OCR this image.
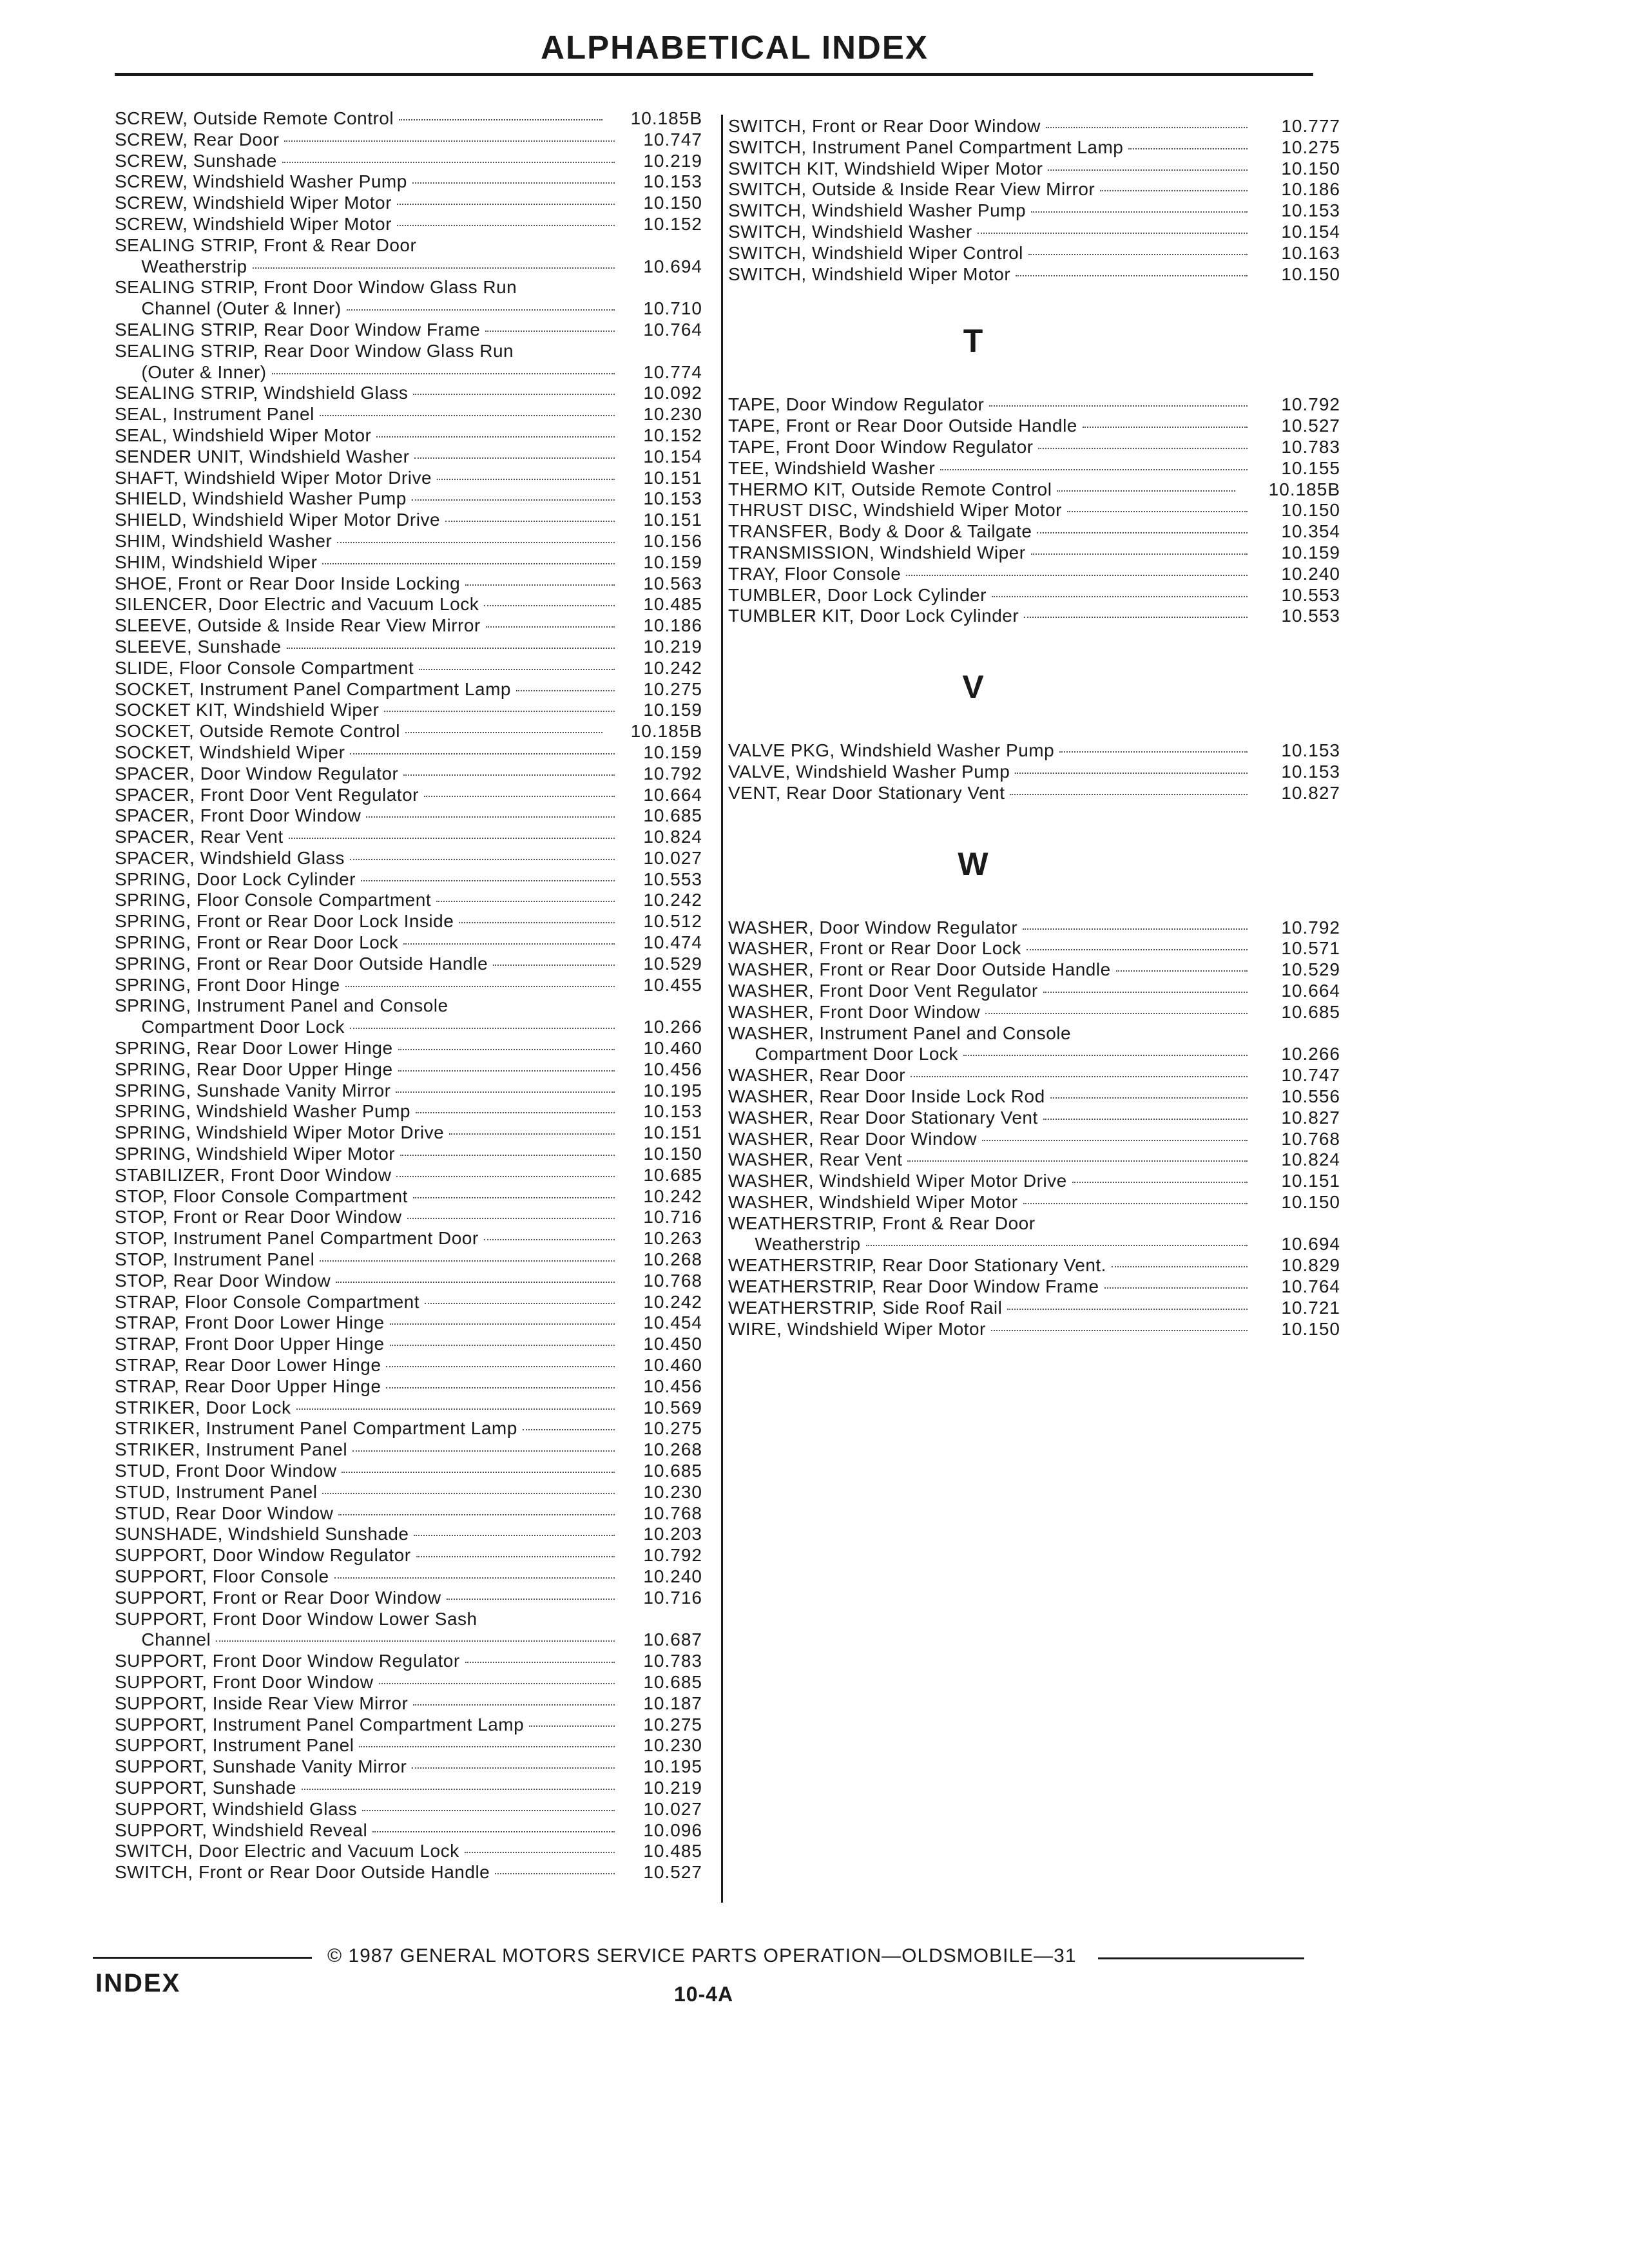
ALPHABETICAL INDEX
SCREW, Outside Remote Control	10.185B
SCREW, Rear Door	10.747
SCREW, Sunshade	10.219
SCREW, Windshield Washer Pump	10.153
SCREW, Windshield Wiper Motor	10.150
SCREW, Windshield Wiper Motor	10.152
SEALING STRIP, Front & Rear Door
Weatherstrip	10.694
SEALING STRIP, Front Door Window Glass Run
Channel (Outer & Inner)	10.710
SEALING STRIP, Rear Door Window Frame	10.764
SEALING STRIP, Rear Door Window Glass Run
(Outer & Inner)	10.774
SEALING STRIP, Windshield Glass	10.092
SEAL, Instrument Panel	10.230
SEAL, Windshield Wiper Motor	10.152
SENDER UNIT, Windshield Washer	10.154
SHAFT, Windshield Wiper Motor Drive	10.151
SHIELD, Windshield Washer Pump	10.153
SHIELD, Windshield Wiper Motor Drive	10.151
SHIM, Windshield Washer	10.156
SHIM, Windshield Wiper	10.159
SHOE, Front or Rear Door Inside Locking	10.563
SILENCER, Door Electric and Vacuum Lock	10.485
SLEEVE, Outside & Inside Rear View Mirror	10.186
SLEEVE, Sunshade	10.219
SLIDE, Floor Console Compartment	10.242
SOCKET, Instrument Panel Compartment Lamp	10.275
SOCKET KIT, Windshield Wiper	10.159
SOCKET, Outside Remote Control	10.185B
SOCKET, Windshield Wiper	10.159
SPACER, Door Window Regulator	10.792
SPACER, Front Door Vent Regulator	10.664
SPACER, Front Door Window	10.685
SPACER, Rear Vent	10.824
SPACER, Windshield Glass	10.027
SPRING, Door Lock Cylinder	10.553
SPRING, Floor Console Compartment	10.242
SPRING, Front or Rear Door Lock Inside	10.512
SPRING, Front or Rear Door Lock	10.474
SPRING, Front or Rear Door Outside Handle	10.529
SPRING, Front Door Hinge	10.455
SPRING, Instrument Panel and Console
Compartment Door Lock	10.266
SPRING, Rear Door Lower Hinge	10.460
SPRING, Rear Door Upper Hinge	10.456
SPRING, Sunshade Vanity Mirror	10.195
SPRING, Windshield Washer Pump	10.153
SPRING, Windshield Wiper Motor Drive	10.151
SPRING, Windshield Wiper Motor	10.150
STABILIZER, Front Door Window	10.685
STOP, Floor Console Compartment	10.242
STOP, Front or Rear Door Window	10.716
STOP, Instrument Panel Compartment Door	10.263
STOP, Instrument Panel	10.268
STOP, Rear Door Window	10.768
STRAP, Floor Console Compartment	10.242
STRAP, Front Door Lower Hinge	10.454
STRAP, Front Door Upper Hinge	10.450
STRAP, Rear Door Lower Hinge	10.460
STRAP, Rear Door Upper Hinge	10.456
STRIKER, Door Lock	10.569
STRIKER, Instrument Panel Compartment Lamp	10.275
STRIKER, Instrument Panel	10.268
STUD, Front Door Window	10.685
STUD, Instrument Panel	10.230
STUD, Rear Door Window	10.768
SUNSHADE, Windshield Sunshade	10.203
SUPPORT, Door Window Regulator	10.792
SUPPORT, Floor Console	10.240
SUPPORT, Front or Rear Door Window	10.716
SUPPORT, Front Door Window Lower Sash
Channel	10.687
SUPPORT, Front Door Window Regulator	10.783
SUPPORT, Front Door Window	10.685
SUPPORT, Inside Rear View Mirror	10.187
SUPPORT, Instrument Panel Compartment Lamp	10.275
SUPPORT, Instrument Panel	10.230
SUPPORT, Sunshade Vanity Mirror	10.195
SUPPORT, Sunshade	10.219
SUPPORT, Windshield Glass	10.027
SUPPORT, Windshield Reveal	10.096
SWITCH, Door Electric and Vacuum Lock	10.485
SWITCH, Front or Rear Door Outside Handle	10.527
SWITCH, Front or Rear Door Window	10.777
SWITCH, Instrument Panel Compartment Lamp	10.275
SWITCH KIT, Windshield Wiper Motor	10.150
SWITCH, Outside & Inside Rear View Mirror	10.186
SWITCH, Windshield Washer Pump	10.153
SWITCH, Windshield Washer	10.154
SWITCH, Windshield Wiper Control	10.163
SWITCH, Windshield Wiper Motor	10.150
T
TAPE, Door Window Regulator	10.792
TAPE, Front or Rear Door Outside Handle	10.527
TAPE, Front Door Window Regulator	10.783
TEE, Windshield Washer	10.155
THERMO KIT, Outside Remote Control	10.185B
THRUST DISC, Windshield Wiper Motor	10.150
TRANSFER, Body & Door & Tailgate	10.354
TRANSMISSION, Windshield Wiper	10.159
TRAY, Floor Console	10.240
TUMBLER, Door Lock Cylinder	10.553
TUMBLER KIT, Door Lock Cylinder	10.553
V
VALVE PKG, Windshield Washer Pump	10.153
VALVE, Windshield Washer Pump	10.153
VENT, Rear Door Stationary Vent	10.827
W
WASHER, Door Window Regulator	10.792
WASHER, Front or Rear Door Lock	10.571
WASHER, Front or Rear Door Outside Handle	10.529
WASHER, Front Door Vent Regulator	10.664
WASHER, Front Door Window	10.685
WASHER, Instrument Panel and Console
Compartment Door Lock	10.266
WASHER, Rear Door	10.747
WASHER, Rear Door Inside Lock Rod	10.556
WASHER, Rear Door Stationary Vent	10.827
WASHER, Rear Door Window	10.768
WASHER, Rear Vent	10.824
WASHER, Windshield Wiper Motor Drive	10.151
WASHER, Windshield Wiper Motor	10.150
WEATHERSTRIP, Front & Rear Door
Weatherstrip	10.694
WEATHERSTRIP, Rear Door Stationary Vent.	10.829
WEATHERSTRIP, Rear Door Window Frame	10.764
WEATHERSTRIP, Side Roof Rail	10.721
WIRE, Windshield Wiper Motor	10.150
© 1987 GENERAL MOTORS SERVICE PARTS OPERATION—OLDSMOBILE—31
INDEX	10-4A
